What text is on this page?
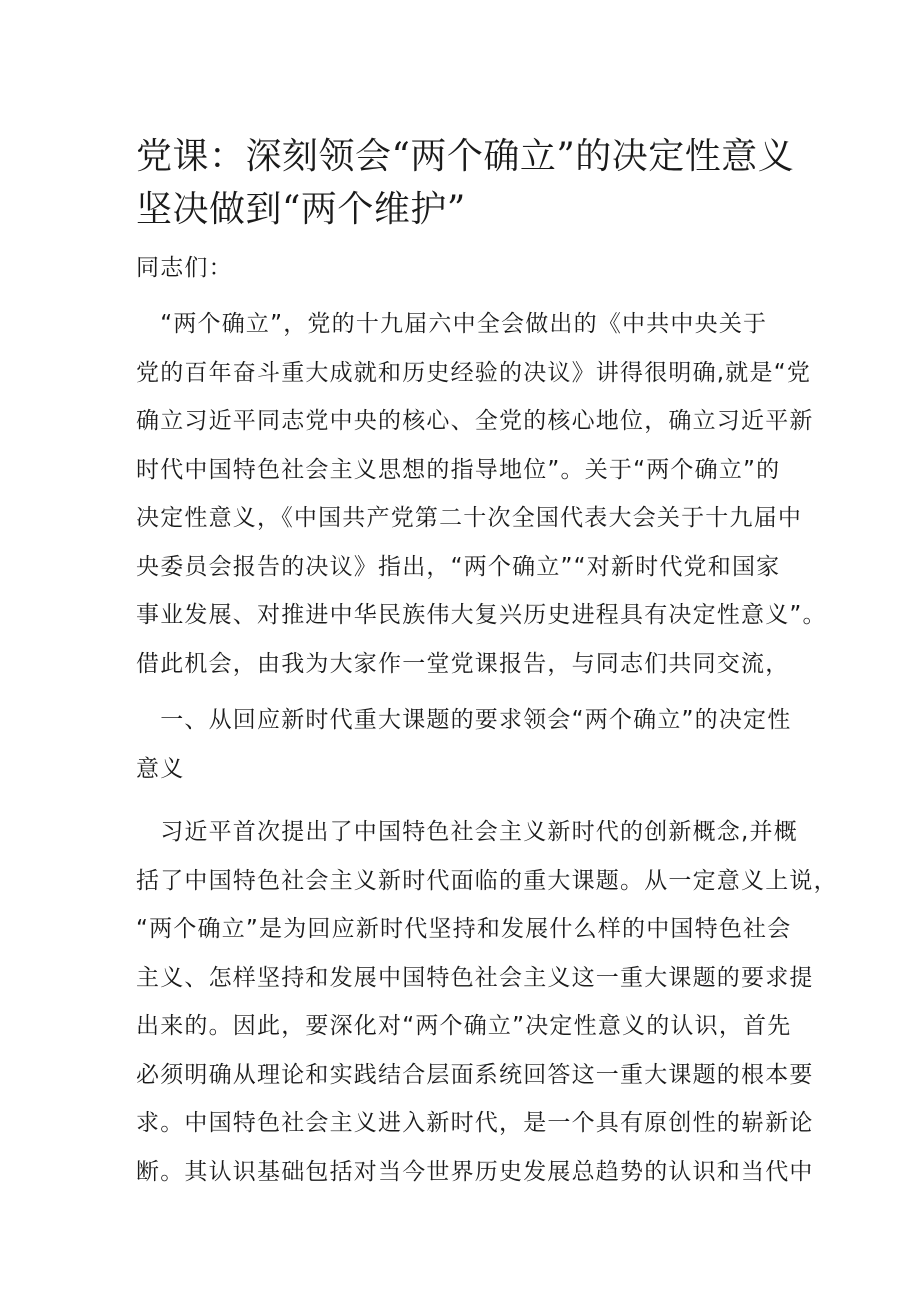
党课：深刻领会“两个确立”的决定性意义
坚决做到“两个维护”

同志们：

　“两个确立”，党的十九届六中全会做出的《中共中央关于
党的百年奋斗重大成就和历史经验的决议》讲得很明确,就是“党
确立习近平同志党中央的核心、全党的核心地位，确立习近平新
时代中国特色社会主义思想的指导地位”。关于“两个确立”的
决定性意义，《中国共产党第二十次全国代表大会关于十九届中
央委员会报告的决议》指出，“两个确立”“对新时代党和国家
事业发展、对推进中华民族伟大复兴历史进程具有决定性意义”。
借此机会，由我为大家作一堂党课报告，与同志们共同交流，

　一、从回应新时代重大课题的要求领会“两个确立”的决定性
意义

　习近平首次提出了中国特色社会主义新时代的创新概念,并概
括了中国特色社会主义新时代面临的重大课题。从一定意义上说，
“两个确立”是为回应新时代坚持和发展什么样的中国特色社会
主义、怎样坚持和发展中国特色社会主义这一重大课题的要求提
出来的。因此，要深化对“两个确立”决定性意义的认识，首先
必须明确从理论和实践结合层面系统回答这一重大课题的根本要
求。中国特色社会主义进入新时代，是一个具有原创性的崭新论
断。其认识基础包括对当今世界历史发展总趋势的认识和当代中
